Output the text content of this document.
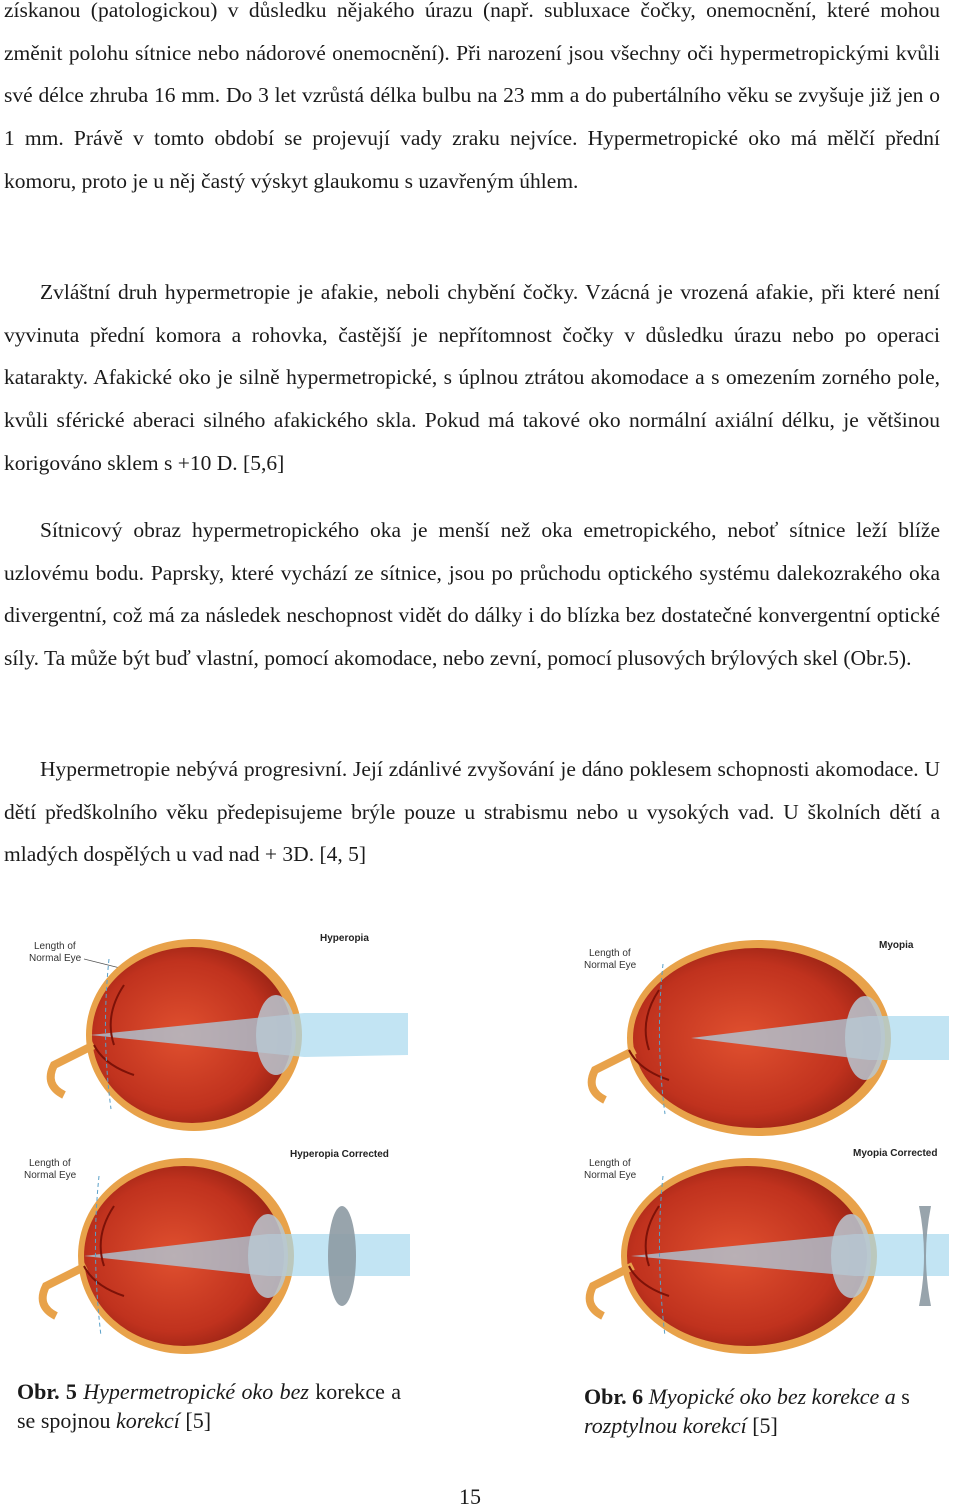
získanou (patologickou) v důsledku nějakého úrazu (např. subluxace čočky, onemocnění, které mohou změnit polohu sítnice nebo nádorové onemocnění). Při narození jsou všechny oči hypermetropickými kvůli své délce zhruba 16 mm. Do 3 let vzrůstá délka bulbu na 23 mm a do pubertálního věku se zvyšuje již jen o 1 mm. Právě v tomto období se projevují vady zraku nejvíce. Hypermetropické oko má mělčí přední komoru, proto je u něj častý výskyt glaukomu s uzavřeným úhlem.

Zvláštní druh hypermetropie je afakie, neboli chybění čočky. Vzácná je vrozená afakie, při které není vyvinuta přední komora a rohovka, častější je nepřítomnost čočky v důsledku úrazu nebo po operaci katarakty. Afakické oko je silně hypermetropické, s úplnou ztrátou akomodace a s omezením zorného pole, kvůli sférické aberaci silného afakického skla. Pokud má takové oko normální axiální délku, je většinou korigováno sklem s +10 D. [5,6]

Sítnicový obraz hypermetropického oka je menší než oka emetropického, neboť sítnice leží blíže uzlovému bodu. Paprsky, které vychází ze sítnice, jsou po průchodu optického systému dalekozrakého oka divergentní, což má za následek neschopnost vidět do dálky i do blízka bez dostatečné konvergentní optické síly. Ta může být buď vlastní, pomocí akomodace, nebo zevní, pomocí plusových brýlových skel (Obr.5).

Hypermetropie nebývá progresivní. Její zdánlivé zvyšování je dáno poklesem schopnosti akomodace. U dětí předškolního věku předepisujeme brýle pouze u strabismu nebo u vysokých vad. U školních dětí a mladých dospělých u vad nad + 3D. [4, 5]

Length of
Normal Eye
Hyperopia
Length of
Normal Eye
Myopia
Length of
Normal Eye
Hyperopia Corrected
Length of
Normal Eye
Myopia Corrected

Obr. 5 Hypermetropické oko bez korekce a se spojnou korekcí [5]

Obr. 6 Myopické oko bez korekce a s rozptylnou korekcí [5]

15
